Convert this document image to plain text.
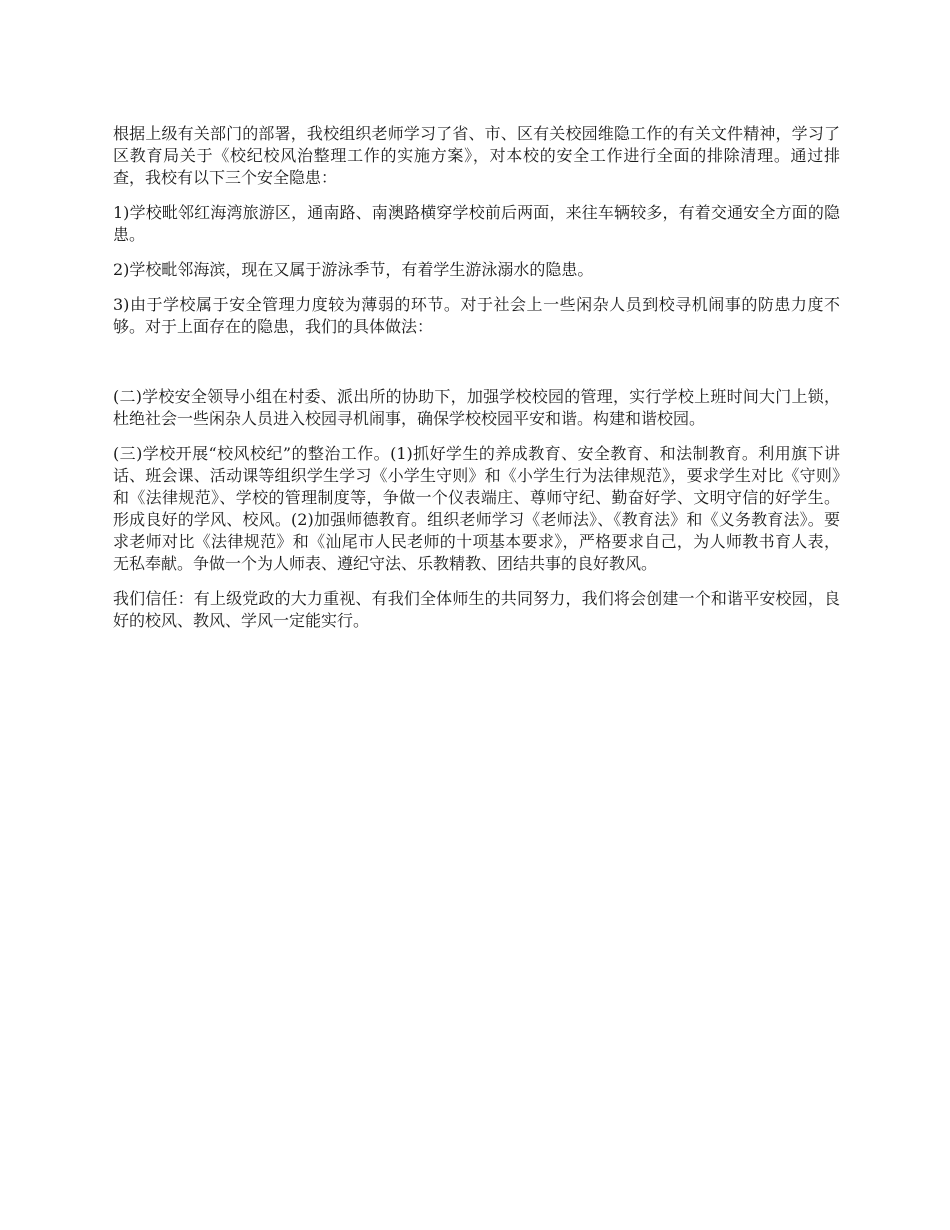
根据上级有关部门的部署，我校组织老师学习了省、市、区有关校园维隐工作的有关文件精神，学习了区教育局关于《校纪校风治整理工作的实施方案》，对本校的安全工作进行全面的排除清理。通过排查，我校有以下三个安全隐患：

1)学校毗邻红海湾旅游区，通南路、南澳路横穿学校前后两面，来往车辆较多，有着交通安全方面的隐患。

2)学校毗邻海滨，现在又属于游泳季节，有着学生游泳溺水的隐患。

3)由于学校属于安全管理力度较为薄弱的环节。对于社会上一些闲杂人员到校寻机闹事的防患力度不够。对于上面存在的隐患，我们的具体做法：

(二)学校安全领导小组在村委、派出所的协助下，加强学校校园的管理，实行学校上班时间大门上锁，杜绝社会一些闲杂人员进入校园寻机闹事，确保学校校园平安和谐。构建和谐校园。

(三)学校开展“校风校纪”的整治工作。(1)抓好学生的养成教育、安全教育、和法制教育。利用旗下讲话、班会课、活动课等组织学生学习《小学生守则》和《小学生行为法律规范》，要求学生对比《守则》和《法律规范》、学校的管理制度等，争做一个仪表端庄、尊师守纪、勤奋好学、文明守信的好学生。形成良好的学风、校风。(2)加强师德教育。组织老师学习《老师法》、《教育法》和《义务教育法》。要求老师对比《法律规范》和《汕尾市人民老师的十项基本要求》，严格要求自己，为人师教书育人表，无私奉献。争做一个为人师表、遵纪守法、乐教精教、团结共事的良好教风。

我们信任：有上级党政的大力重视、有我们全体师生的共同努力，我们将会创建一个和谐平安校园，良好的校风、教风、学风一定能实行。
